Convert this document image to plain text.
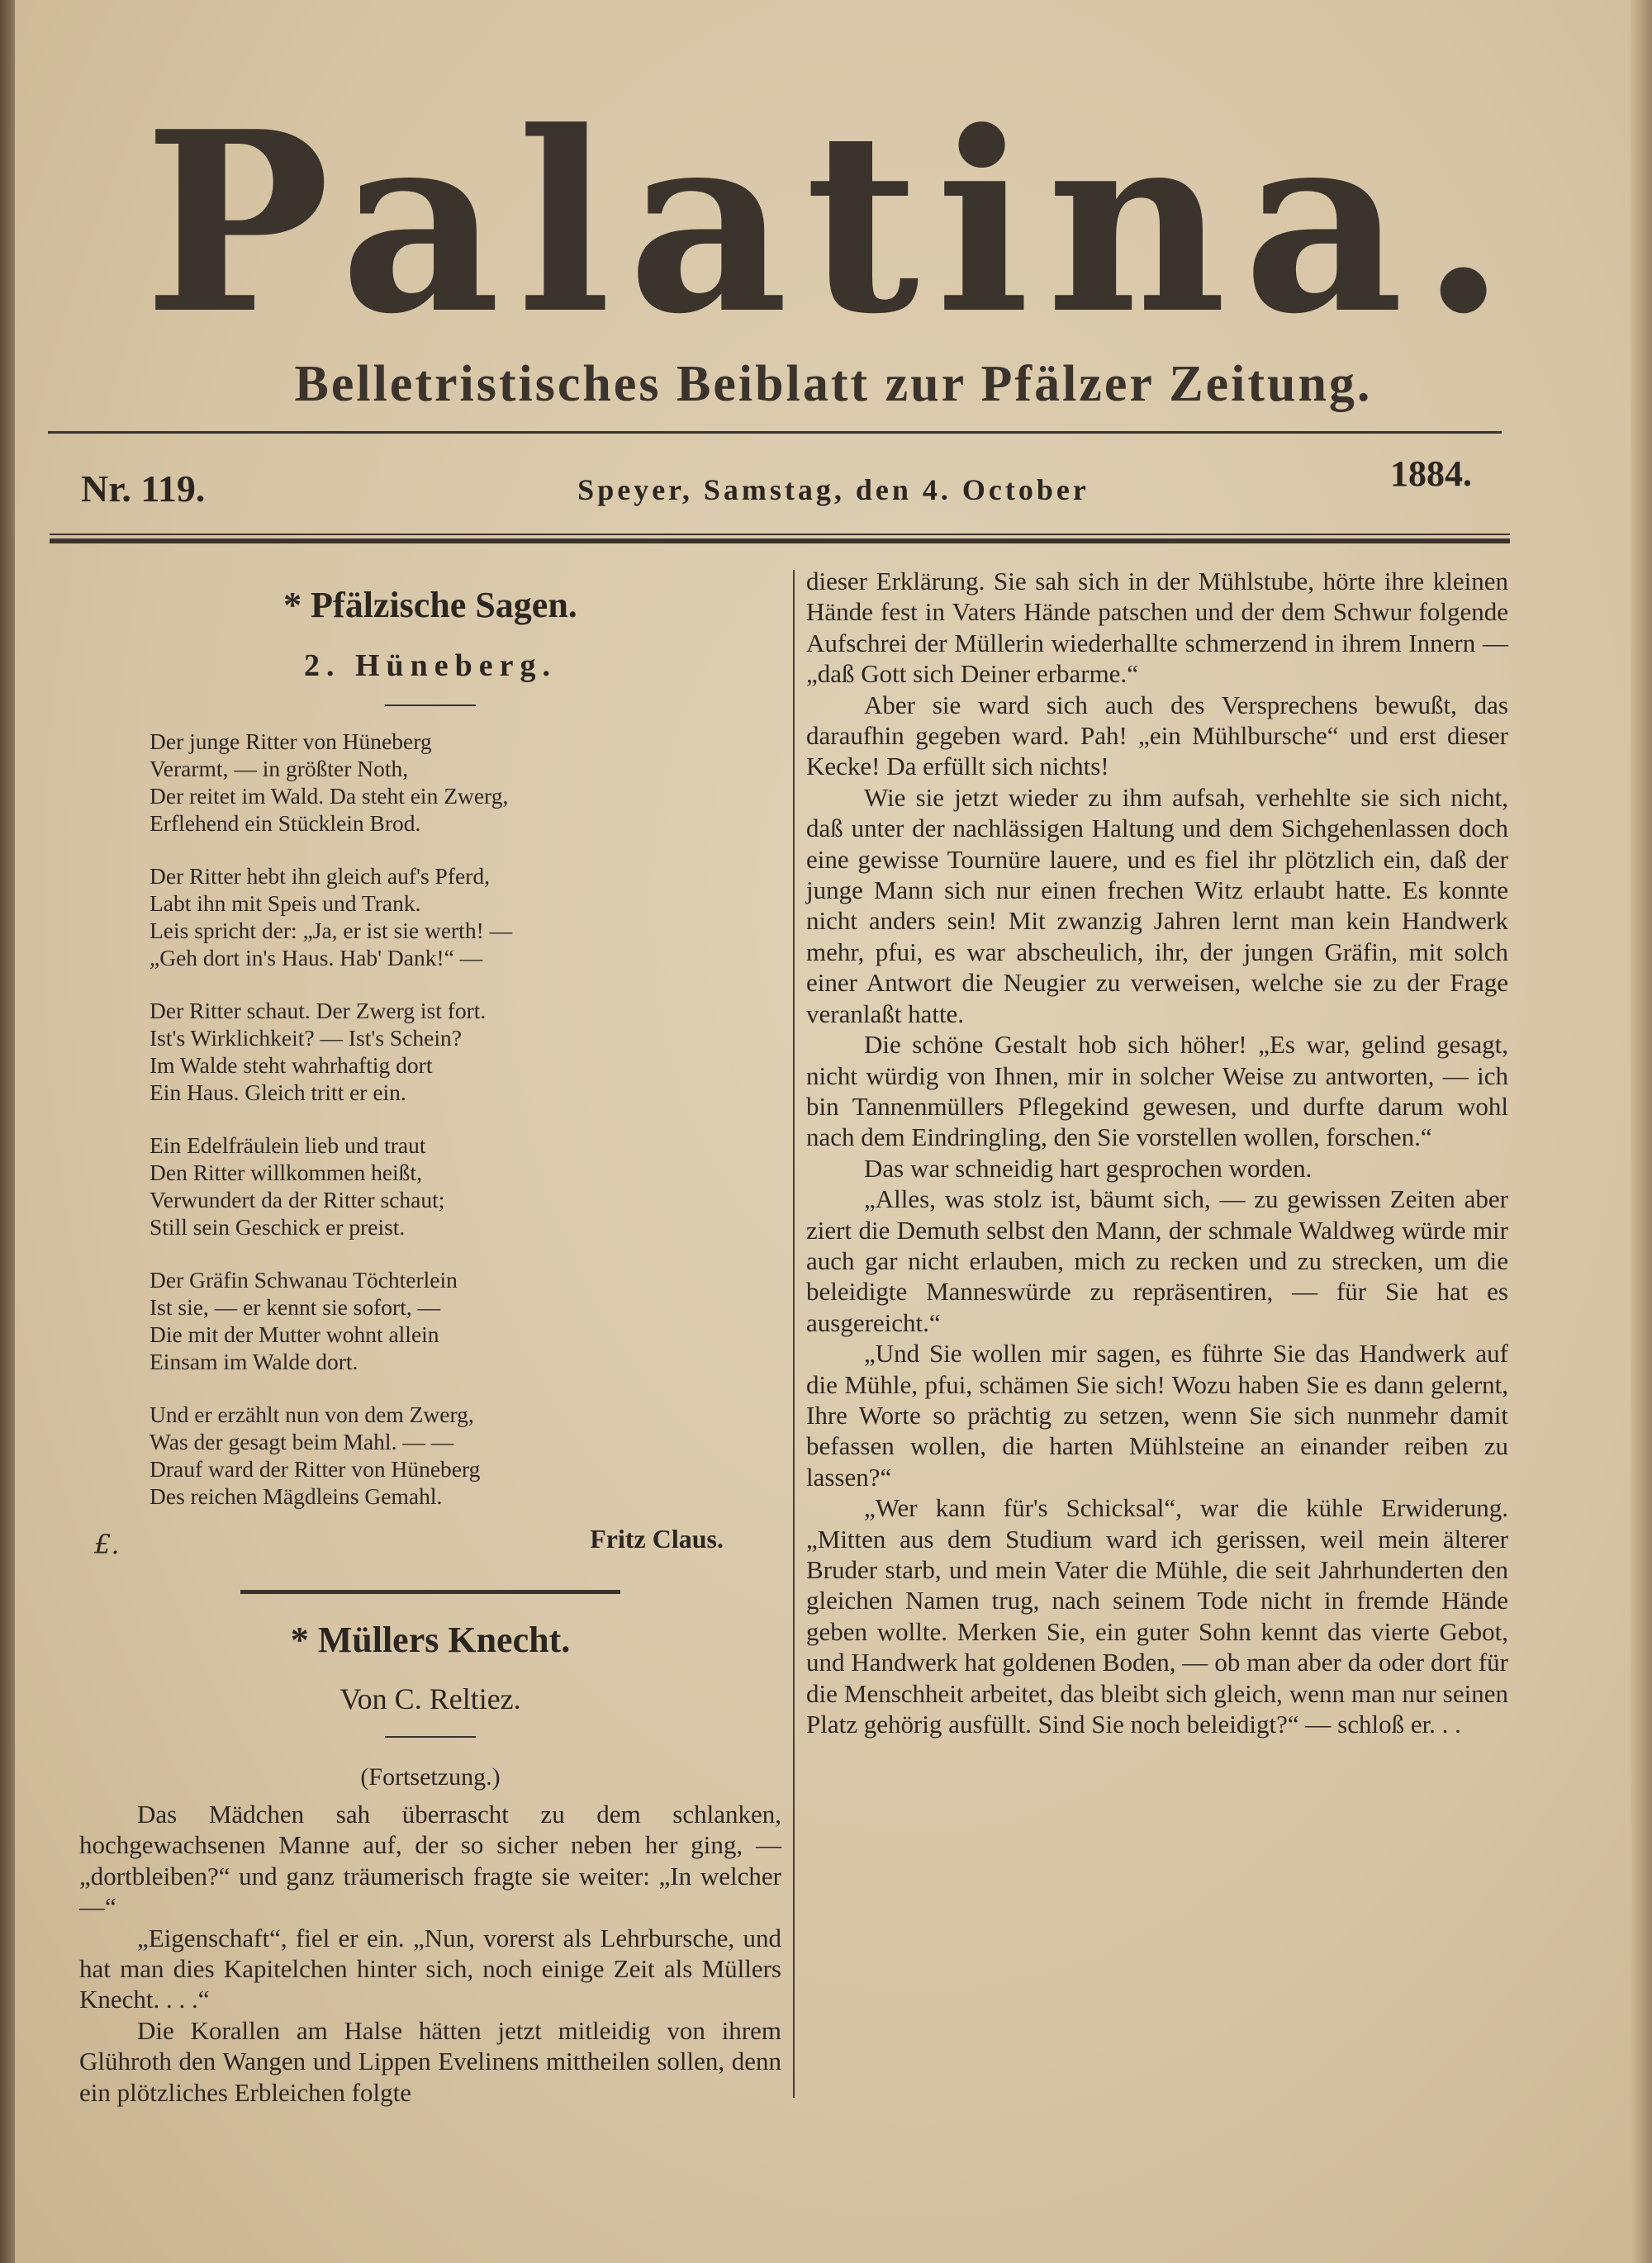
Palatina.
Belletristisches Beiblatt zur Pfälzer Zeitung.
Nr. 119.	Speyer, Samstag, den 4. October	1884.
* Pfälzische Sagen.
2. Hüneberg.
Der junge Ritter von Hüneberg
Verarmt, — in größter Noth,
Der reitet im Wald. Da steht ein Zwerg,
Erflehend ein Stücklein Brod.
Der Ritter hebt ihn gleich auf's Pferd,
Labt ihn mit Speis und Trank.
Leis spricht der: „Ja, er ist sie werth! —
„Geh dort in's Haus. Hab' Dank!“ —
Der Ritter schaut. Der Zwerg ist fort.
Ist's Wirklichkeit? — Ist's Schein?
Im Walde steht wahrhaftig dort
Ein Haus. Gleich tritt er ein.
Ein Edelfräulein lieb und traut
Den Ritter willkommen heißt,
Verwundert da der Ritter schaut;
Still sein Geschick er preist.
Der Gräfin Schwanau Töchterlein
Ist sie, — er kennt sie sofort, —
Die mit der Mutter wohnt allein
Einsam im Walde dort.
Und er erzählt nun von dem Zwerg,
Was der gesagt beim Mahl. — —
Drauf ward der Ritter von Hüneberg
Des reichen Mägdleins Gemahl.
£.	Fritz Claus.
* Müllers Knecht.
Von C. Reltiez.
(Fortsetzung.)

Das Mädchen sah überrascht zu dem schlanken, hochgewachsenen Manne auf, der so sicher neben her ging, — „dortbleiben?“ und ganz träumerisch fragte sie weiter: „In welcher —“

„Eigenschaft“, fiel er ein. „Nun, vorerst als Lehrbursche, und hat man dies Kapitelchen hinter sich, noch einige Zeit als Müllers Knecht. . . .“

Die Korallen am Halse hätten jetzt mitleidig von ihrem Glühroth den Wangen und Lippen Evelinens mittheilen sollen, denn ein plötzliches Erbleichen folgte

dieser Erklärung. Sie sah sich in der Mühlstube, hörte ihre kleinen Hände fest in Vaters Hände patschen und der dem Schwur folgende Aufschrei der Müllerin wiederhallte schmerzend in ihrem Innern — „daß Gott sich Deiner erbarme.“

Aber sie ward sich auch des Versprechens bewußt, das daraufhin gegeben ward. Pah! „ein Mühlbursche“ und erst dieser Kecke! Da erfüllt sich nichts!

Wie sie jetzt wieder zu ihm aufsah, verhehlte sie sich nicht, daß unter der nachlässigen Haltung und dem Sichgehenlassen doch eine gewisse Tournüre lauere, und es fiel ihr plötzlich ein, daß der junge Mann sich nur einen frechen Witz erlaubt hatte. Es konnte nicht anders sein! Mit zwanzig Jahren lernt man kein Handwerk mehr, pfui, es war abscheulich, ihr, der jungen Gräfin, mit solch einer Antwort die Neugier zu verweisen, welche sie zu der Frage veranlaßt hatte.

Die schöne Gestalt hob sich höher! „Es war, gelind gesagt, nicht würdig von Ihnen, mir in solcher Weise zu antworten, — ich bin Tannenmüllers Pflegekind gewesen, und durfte darum wohl nach dem Eindringling, den Sie vorstellen wollen, forschen.“

Das war schneidig hart gesprochen worden.

„Alles, was stolz ist, bäumt sich, — zu gewissen Zeiten aber ziert die Demuth selbst den Mann, der schmale Waldweg würde mir auch gar nicht erlauben, mich zu recken und zu strecken, um die beleidigte Manneswürde zu repräsentiren, — für Sie hat es ausgereicht.“

„Und Sie wollen mir sagen, es führte Sie das Handwerk auf die Mühle, pfui, schämen Sie sich! Wozu haben Sie es dann gelernt, Ihre Worte so prächtig zu setzen, wenn Sie sich nunmehr damit befassen wollen, die harten Mühlsteine an einander reiben zu lassen?“

„Wer kann für's Schicksal“, war die kühle Erwiderung. „Mitten aus dem Studium ward ich gerissen, weil mein älterer Bruder starb, und mein Vater die Mühle, die seit Jahrhunderten den gleichen Namen trug, nach seinem Tode nicht in fremde Hände geben wollte. Merken Sie, ein guter Sohn kennt das vierte Gebot, und Handwerk hat goldenen Boden, — ob man aber da oder dort für die Menschheit arbeitet, das bleibt sich gleich, wenn man nur seinen Platz gehörig ausfüllt. Sind Sie noch beleidigt?“ — schloß er. . .
